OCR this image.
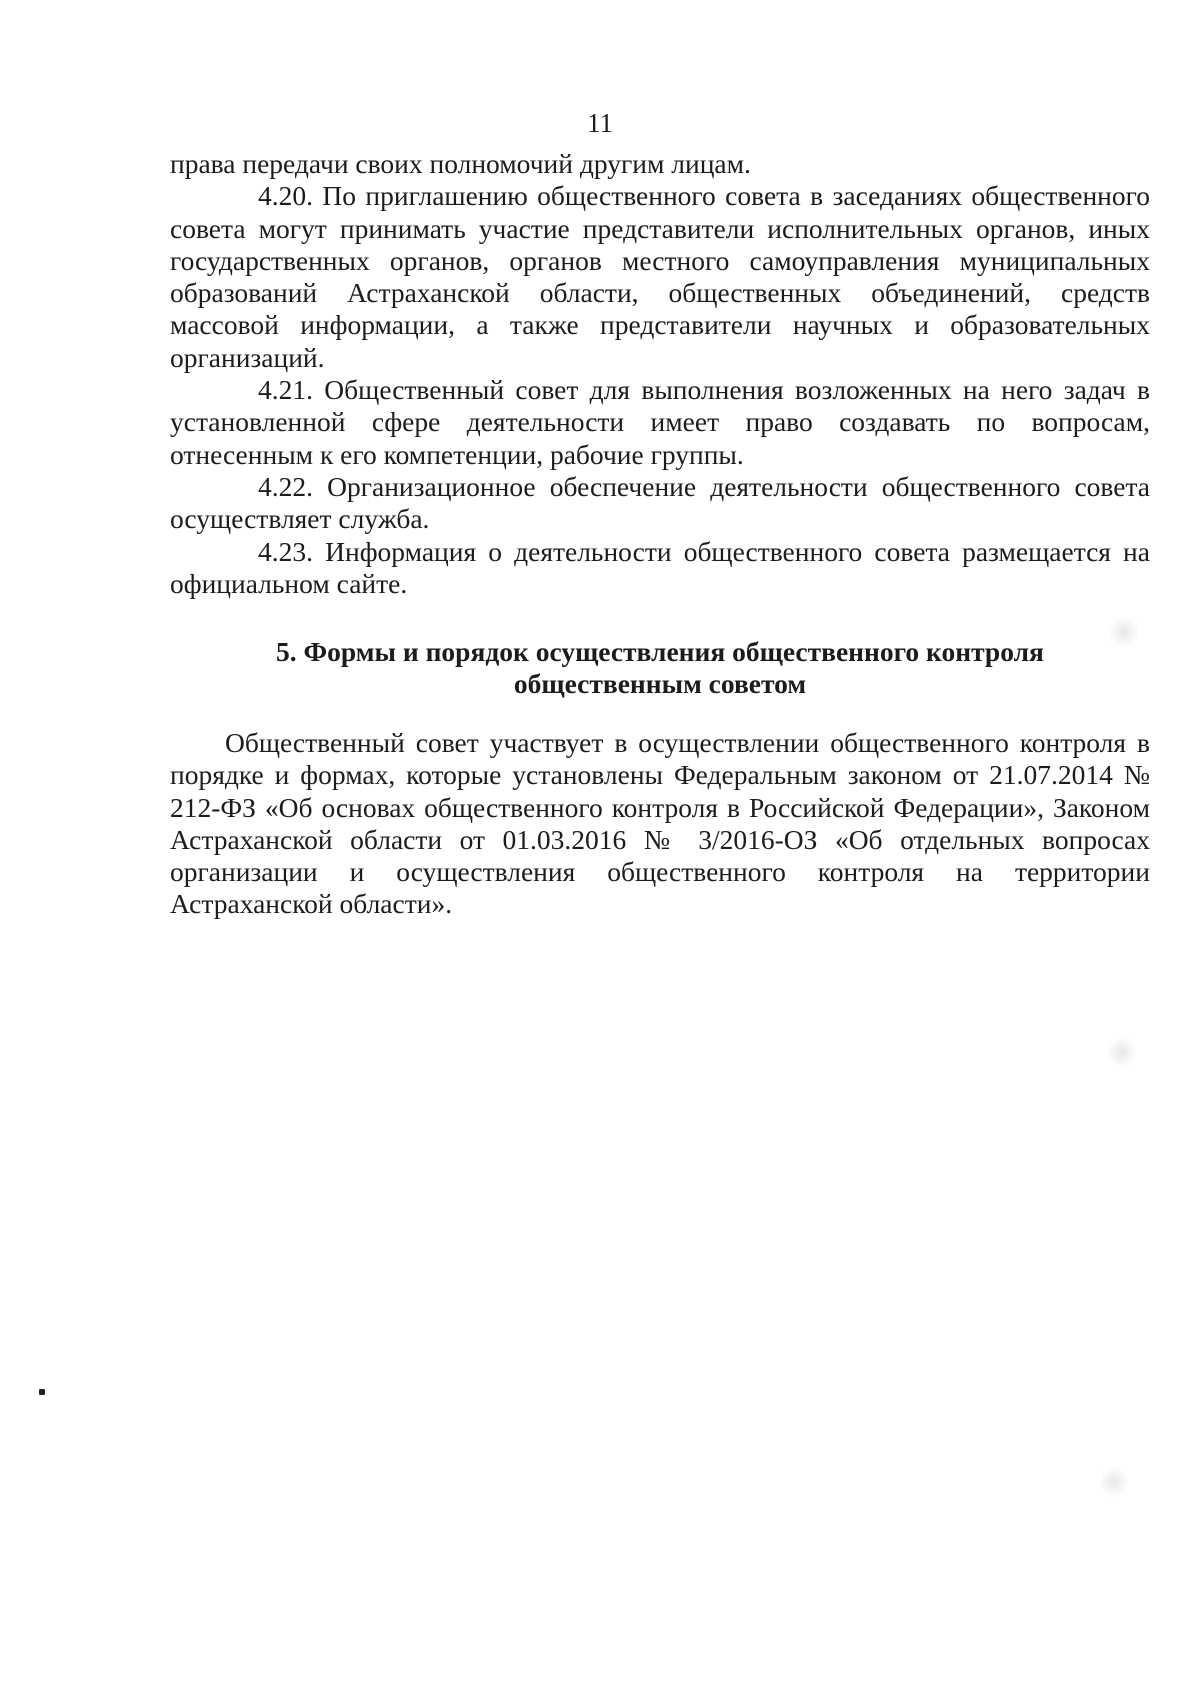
11

права передачи своих полномочий другим лицам.

4.20. По приглашению общественного совета в заседаниях общественного совета могут принимать участие представители исполнительных органов, иных государственных органов, органов местного самоуправления муниципальных образований Астраханской области, общественных объединений, средств массовой информации, а также представители научных и образовательных организаций.

4.21. Общественный совет для выполнения возложенных на него задач в установленной сфере деятельности имеет право создавать по вопросам, отнесенным к его компетенции, рабочие группы.

4.22. Организационное обеспечение деятельности общественного совета осуществляет служба.

4.23. Информация о деятельности общественного совета размещается на официальном сайте.

5. Формы и порядок осуществления общественного контроля
общественным советом

Общественный совет участвует в осуществлении общественного контроля в порядке и формах, которые установлены Федеральным законом от 21.07.2014 № 212-ФЗ «Об основах общественного контроля в Российской Федерации», Законом Астраханской области от 01.03.2016 № 3/2016-ОЗ «Об отдельных вопросах организации и осуществления общественного контроля на территории Астраханской области».
